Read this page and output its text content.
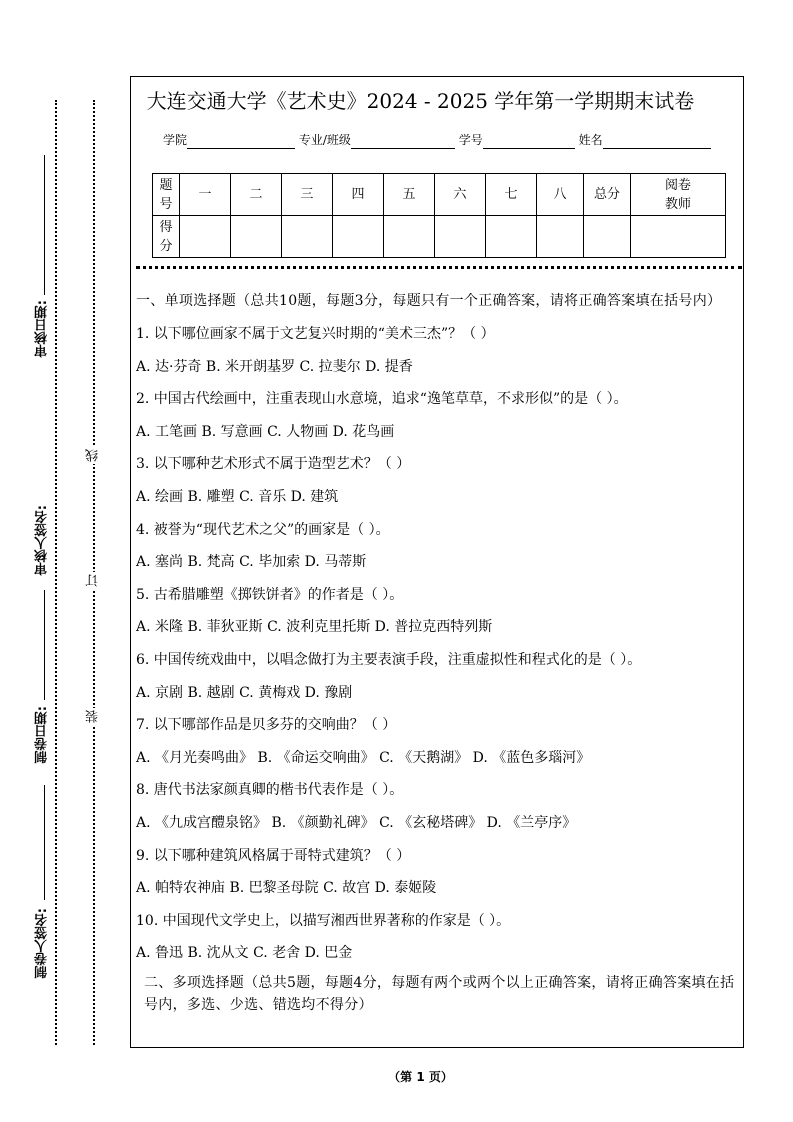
审核日期:
审核人签名:
制卷日期:
制卷人签名:
线
订
装
大连交通大学《艺术史》2024 - 2025 学年第一学期期末试卷
学院	专业/班级	学号	姓名
题号	一	二	三	四	五	六	七	八	总分	阅卷教师
得分										
一、单项选择题（总共10题，每题3分，每题只有一个正确答案，请将正确答案填在括号内）
1. 以下哪位画家不属于文艺复兴时期的“美术三杰”？（ ）
A. 达·芬奇 B. 米开朗基罗 C. 拉斐尔 D. 提香
2. 中国古代绘画中，注重表现山水意境，追求“逸笔草草，不求形似”的是（ ）。
A. 工笔画 B. 写意画 C. 人物画 D. 花鸟画
3. 以下哪种艺术形式不属于造型艺术？（ ）
A. 绘画 B. 雕塑 C. 音乐 D. 建筑
4. 被誉为“现代艺术之父”的画家是（ ）。
A. 塞尚 B. 梵高 C. 毕加索 D. 马蒂斯
5. 古希腊雕塑《掷铁饼者》的作者是（ ）。
A. 米隆 B. 菲狄亚斯 C. 波利克里托斯 D. 普拉克西特列斯
6. 中国传统戏曲中，以唱念做打为主要表演手段，注重虚拟性和程式化的是（ ）。
A. 京剧 B. 越剧 C. 黄梅戏 D. 豫剧
7. 以下哪部作品是贝多芬的交响曲？（ ）
A. 《月光奏鸣曲》 B. 《命运交响曲》 C. 《天鹅湖》 D. 《蓝色多瑙河》
8. 唐代书法家颜真卿的楷书代表作是（ ）。
A. 《九成宫醴泉铭》 B. 《颜勤礼碑》 C. 《玄秘塔碑》 D. 《兰亭序》
9. 以下哪种建筑风格属于哥特式建筑？（ ）
A. 帕特农神庙 B. 巴黎圣母院 C. 故宫 D. 泰姬陵
10. 中国现代文学史上，以描写湘西世界著称的作家是（ ）。
A. 鲁迅 B. 沈从文 C. 老舍 D. 巴金
二、多项选择题（总共5题，每题4分，每题有两个或两个以上正确答案，请将正确答案填在括号内，多选、少选、错选均不得分）
（第 1 页）
